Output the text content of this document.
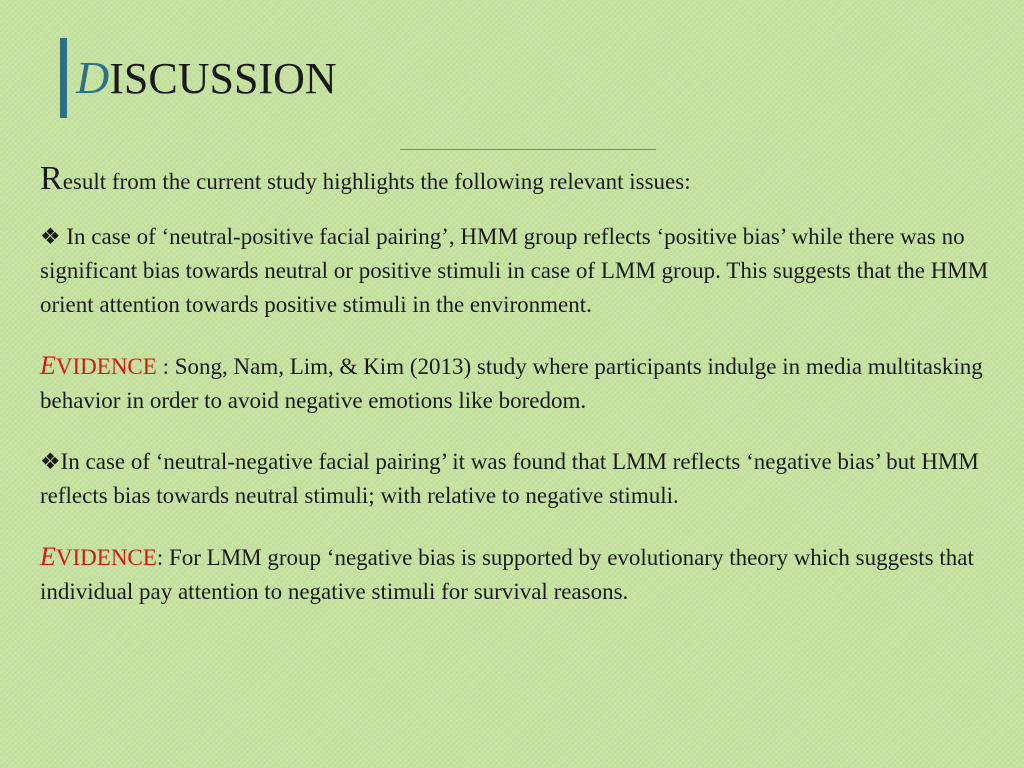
DISCUSSION

Result from the current study highlights the following relevant issues:

❖ In case of ‘neutral-positive facial pairing’, HMM group reflects ‘positive bias’ while there was no significant bias towards neutral or positive stimuli in case of LMM group. This suggests that the HMM orient attention towards positive stimuli in the environment.

EVIDENCE : Song, Nam, Lim, & Kim (2013) study where participants indulge in media multitasking behavior in order to avoid negative emotions like boredom.

❖In case of ‘neutral-negative facial pairing’ it was found that LMM reflects ‘negative bias’ but HMM reflects bias towards neutral stimuli; with relative to negative stimuli.

EVIDENCE: For LMM group ‘negative bias is supported by evolutionary theory which suggests that individual pay attention to negative stimuli for survival reasons.
